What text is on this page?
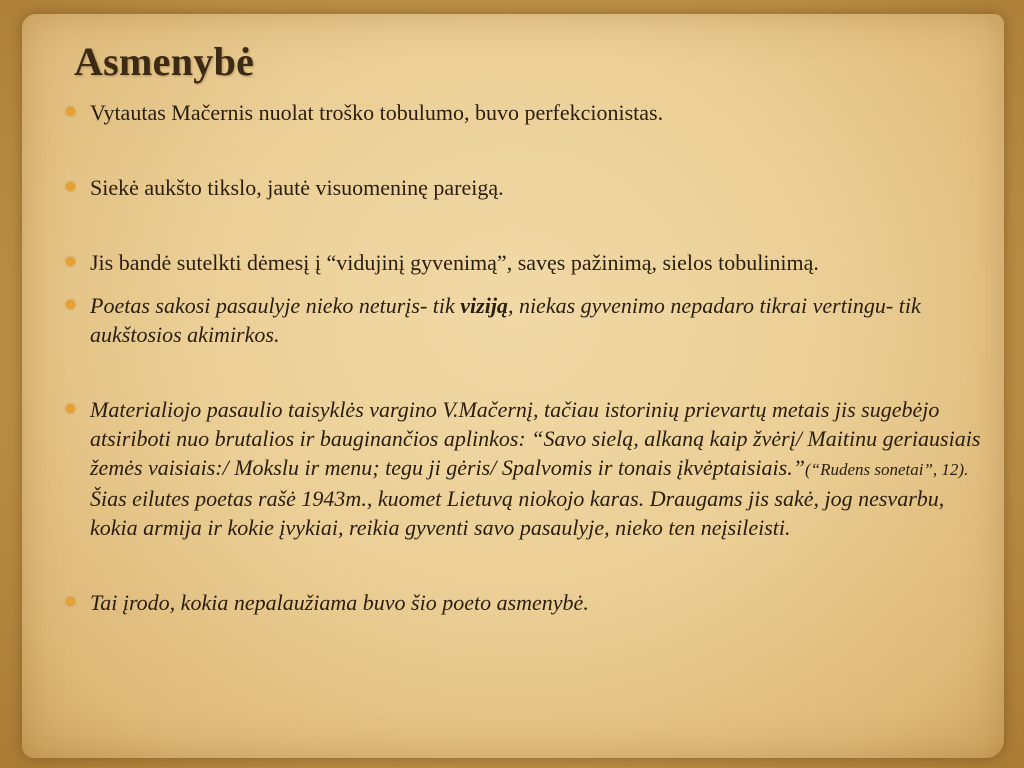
Asmenybė
Vytautas Mačernis nuolat troško tobulumo, buvo perfekcionistas.
Siekė aukšto tikslo, jautė visuomeninę pareigą.
Jis bandė sutelkti dėmesį į “vidujinį gyvenimą”, savęs pažinimą, sielos tobulinimą.
Poetas sakosi pasaulyje nieko neturįs- tik viziją, niekas gyvenimo nepadaro tikrai vertingu- tik aukštosios akimirkos.
Materialiojo pasaulio taisyklės vargino V.Mačernį, tačiau istorinių prievartų metais jis sugebėjo atsiriboti nuo brutalios ir bauginančios aplinkos: “Savo sielą, alkaną kaip žvėrį/ Maitinu geriausiais žemės vaisiais:/ Mokslu ir menu; tegu ji gėris/ Spalvomis ir tonais įkvėptaisiais.”(“Rudens sonetai”, 12). Šias eilutes poetas rašė 1943m., kuomet Lietuvą niokojo karas. Draugams jis sakė, jog nesvarbu, kokia armija ir kokie įvykiai, reikia gyventi savo pasaulyje, nieko ten neįsileisti.
Tai įrodo, kokia nepalaužiama buvo šio poeto asmenybė.
